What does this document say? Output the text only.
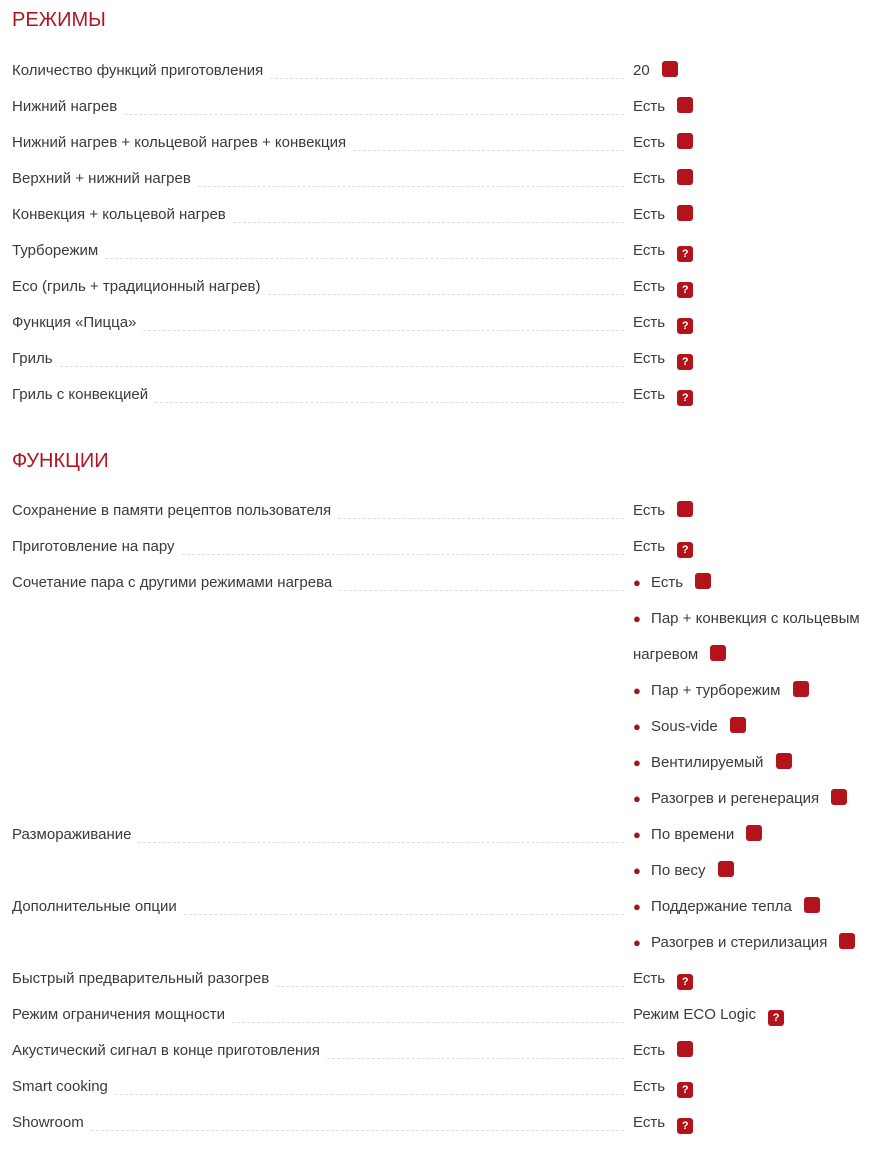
РЕЖИМЫ
Количество функций приготовления	20
Нижний нагрев	Есть
Нижний нагрев + кольцевой нагрев + конвекция	Есть
Верхний + нижний нагрев	Есть
Конвекция + кольцевой нагрев	Есть
Турборежим	Есть ?
Eco (гриль + традиционный нагрев)	Есть ?
Функция «Пицца»	Есть ?
Гриль	Есть ?
Гриль с конвекцией	Есть ?
ФУНКЦИИ
Сохранение в памяти рецептов пользователя	Есть
Приготовление на пару	Есть ?
Сочетание пара с другими режимами нагрева	● Есть
● Пар + конвекция с кольцевым нагревом
● Пар + турборежим
● Sous-vide
● Вентилируемый
● Разогрев и регенерация
Размораживание	● По времени
● По весу
Дополнительные опции	● Поддержание тепла
● Разогрев и стерилизация
Быстрый предварительный разогрев	Есть ?
Режим ограничения мощности	Режим ECO Logic ?
Акустический сигнал в конце приготовления	Есть
Smart cooking	Есть ?
Showroom	Есть ?
